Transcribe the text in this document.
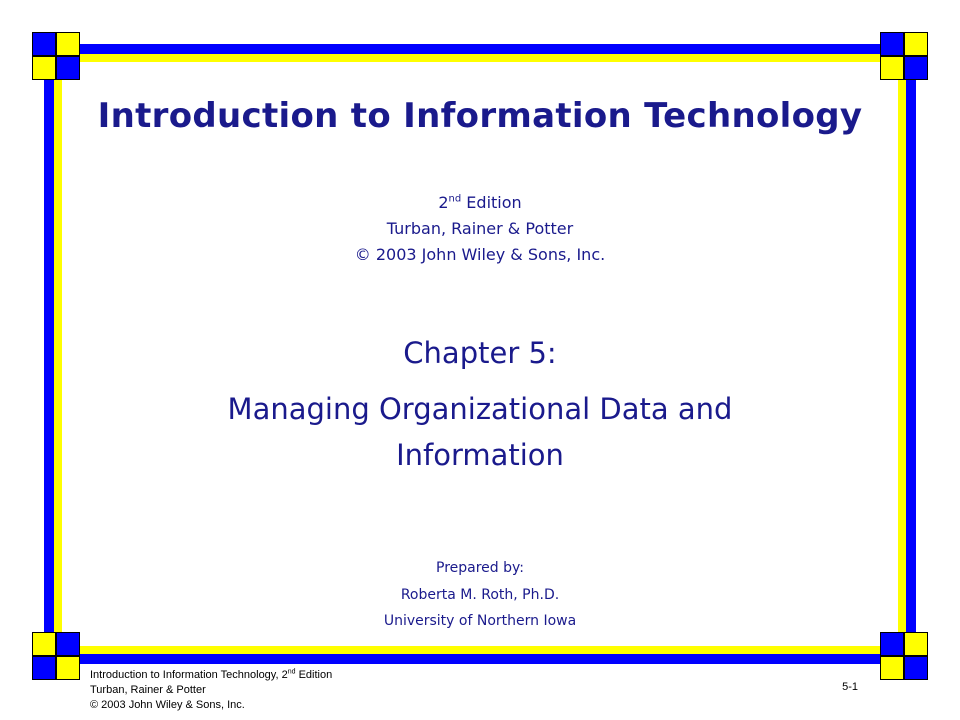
Introduction to Information Technology
2nd Edition
Turban, Rainer & Potter
© 2003 John Wiley & Sons, Inc.
Chapter 5:
Managing Organizational Data and
Information
Prepared by:
Roberta M. Roth, Ph.D.
University of Northern Iowa
Introduction to Information Technology, 2nd Edition
Turban, Rainer & Potter
© 2003 John Wiley & Sons, Inc.
5-1
